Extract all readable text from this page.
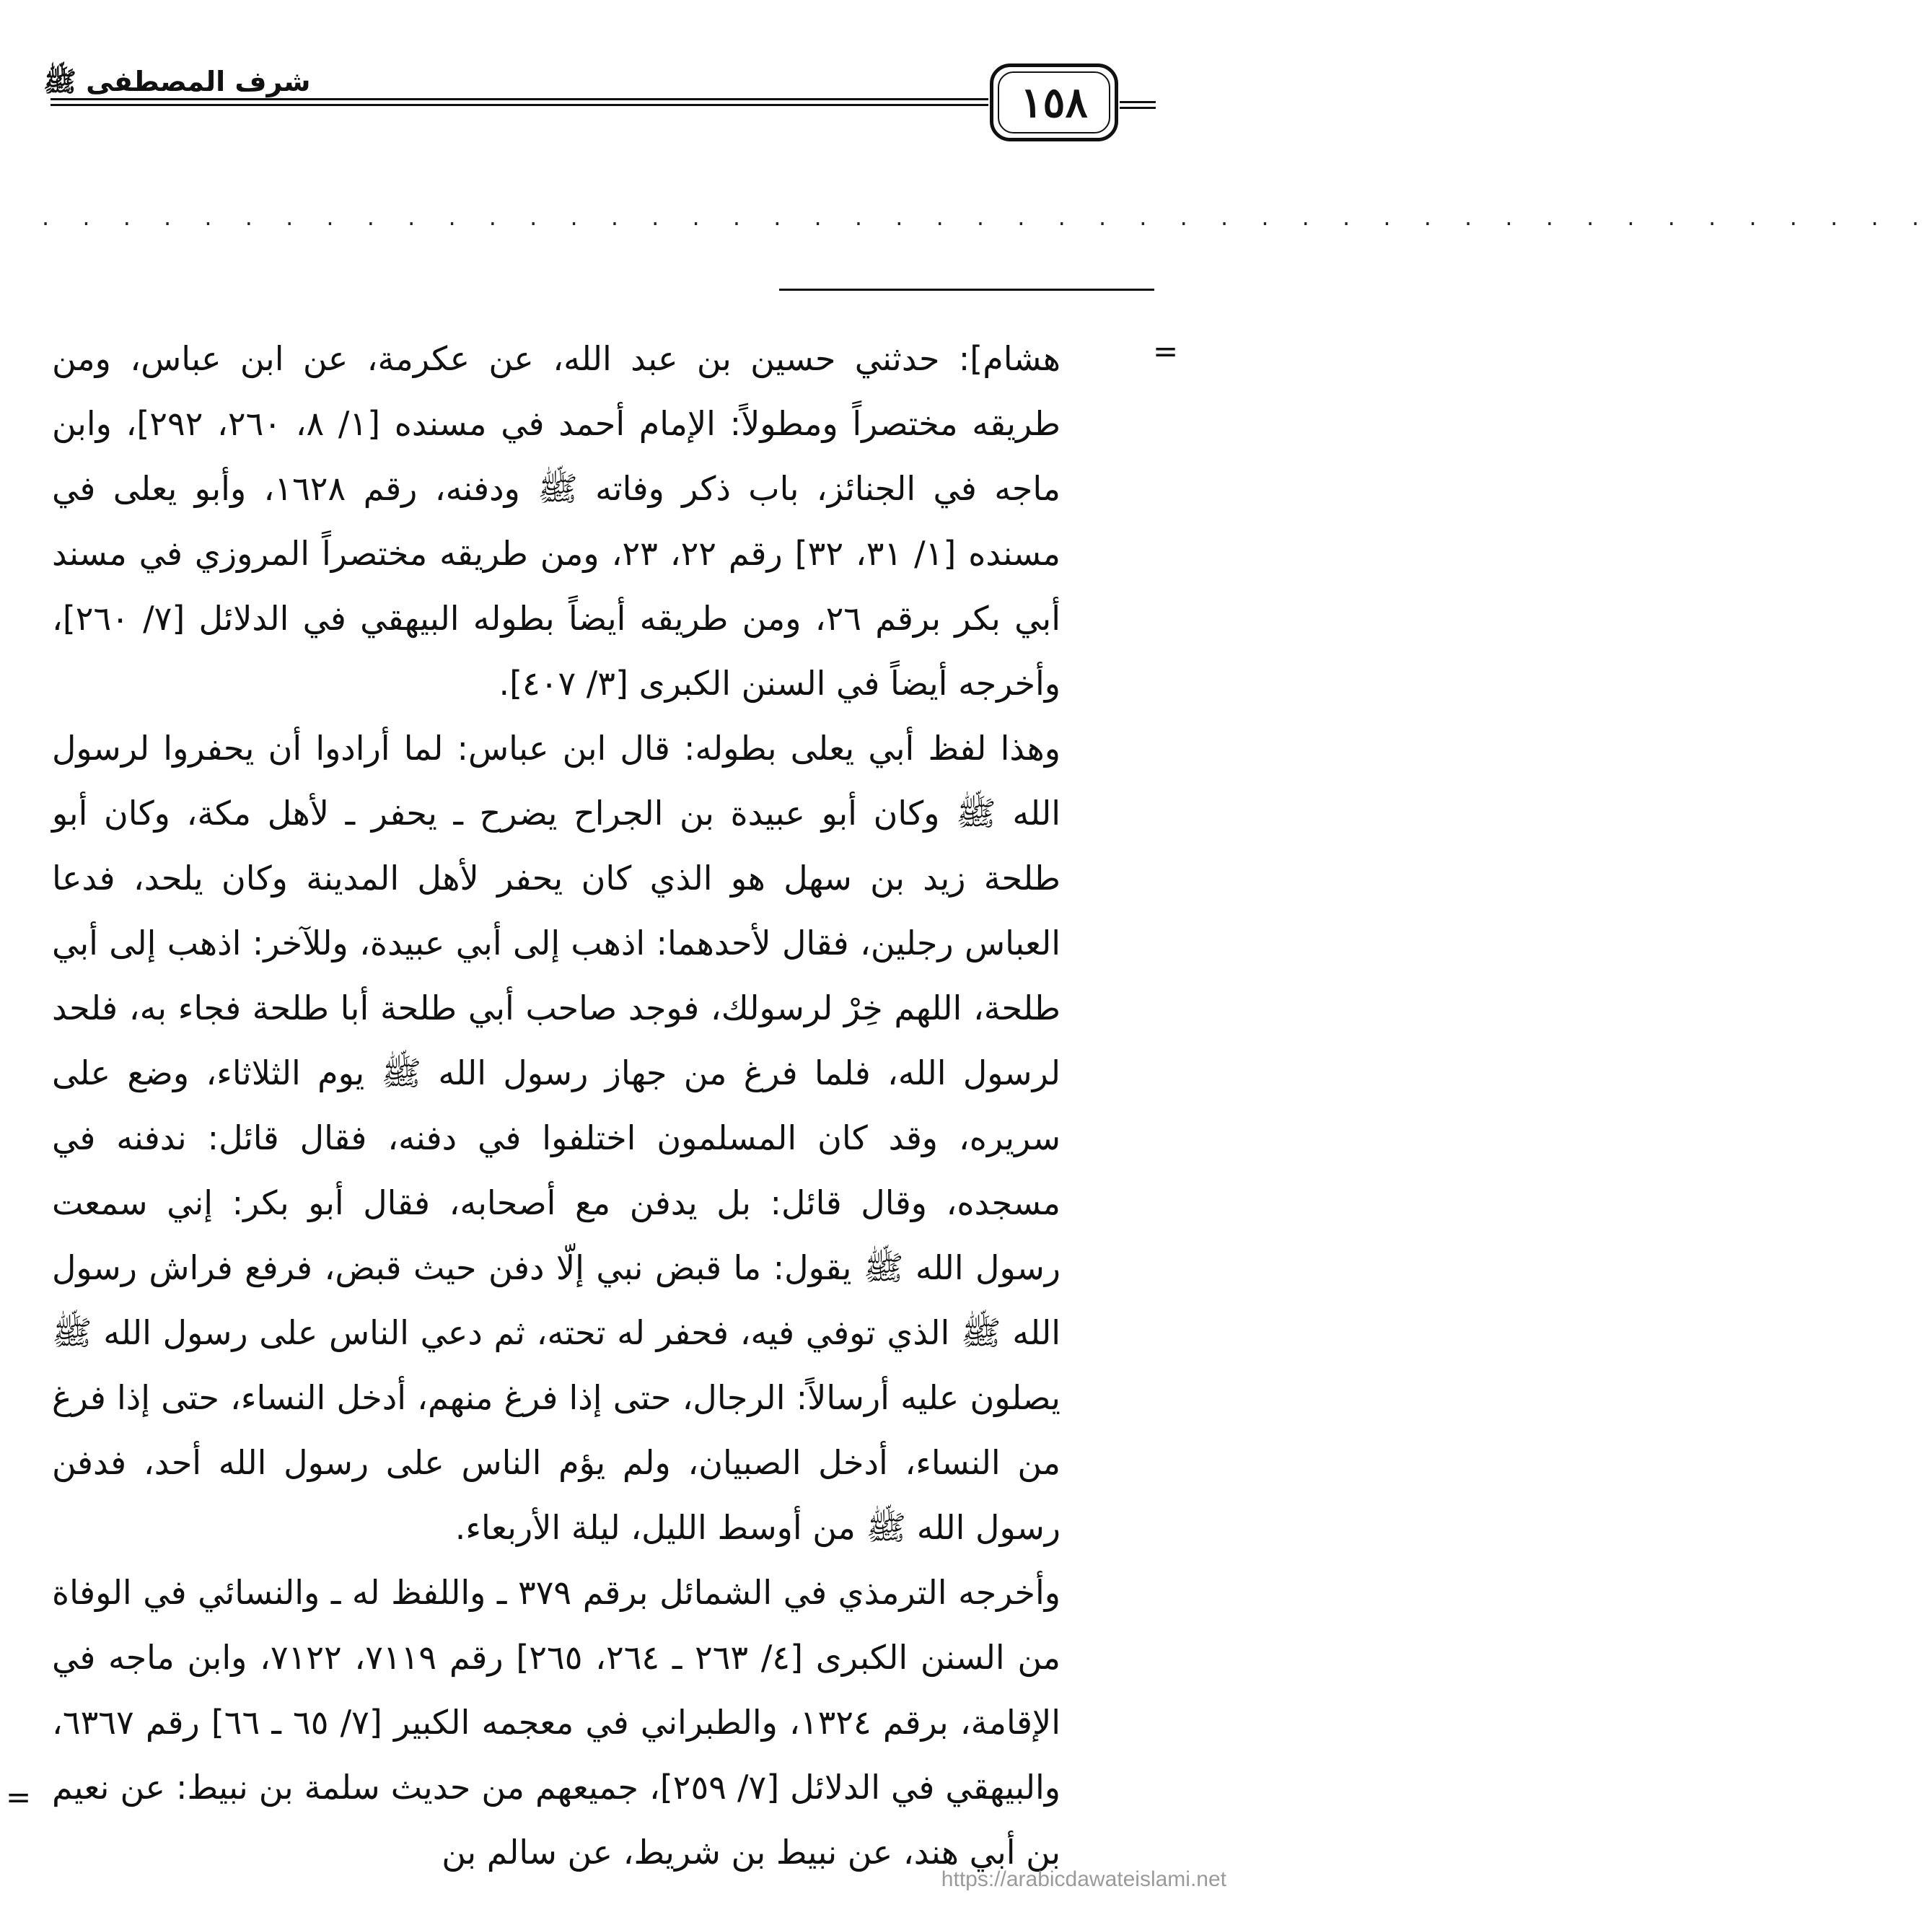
١٥٨
شرف المصطفى ﷺ
. . . . . . . . . . . . . . . . . . . . . . . . . . . . . . . . . . . . . . . . . . . . . . .
=

هشام]: حدثني حسين بن عبد الله، عن عكرمة، عن ابن عباس، ومن طريقه مختصراً ومطولاً: الإمام أحمد في مسنده [١/ ٨، ٢٦٠، ٢٩٢]، وابن ماجه في الجنائز، باب ذكر وفاته ﷺ ودفنه، رقم ١٦٢٨، وأبو يعلى في مسنده [١/ ٣١، ٣٢] رقم ٢٢، ٢٣، ومن طريقه مختصراً المروزي في مسند أبي بكر برقم ٢٦، ومن طريقه أيضاً بطوله البيهقي في الدلائل [٧/ ٢٦٠]، وأخرجه أيضاً في السنن الكبرى [٣/ ٤٠٧].

وهذا لفظ أبي يعلى بطوله: قال ابن عباس: لما أرادوا أن يحفروا لرسول الله ﷺ وكان أبو عبيدة بن الجراح يضرح ـ يحفر ـ لأهل مكة، وكان أبو طلحة زيد بن سهل هو الذي كان يحفر لأهل المدينة وكان يلحد، فدعا العباس رجلين، فقال لأحدهما: اذهب إلى أبي عبيدة، وللآخر: اذهب إلى أبي طلحة، اللهم خِرْ لرسولك، فوجد صاحب أبي طلحة أبا طلحة فجاء به، فلحد لرسول الله، فلما فرغ من جهاز رسول الله ﷺ يوم الثلاثاء، وضع على سريره، وقد كان المسلمون اختلفوا في دفنه، فقال قائل: ندفنه في مسجده، وقال قائل: بل يدفن مع أصحابه، فقال أبو بكر: إني سمعت رسول الله ﷺ يقول: ما قبض نبي إلّا دفن حيث قبض، فرفع فراش رسول الله ﷺ الذي توفي فيه، فحفر له تحته، ثم دعي الناس على رسول الله ﷺ يصلون عليه أرسالاً: الرجال، حتى إذا فرغ منهم، أدخل النساء، حتى إذا فرغ من النساء، أدخل الصبيان، ولم يؤم الناس على رسول الله أحد، فدفن رسول الله ﷺ من أوسط الليل، ليلة الأربعاء.

وأخرجه الترمذي في الشمائل برقم ٣٧٩ ـ واللفظ له ـ والنسائي في الوفاة من السنن الكبرى [٤/ ٢٦٣ ـ ٢٦٤، ٢٦٥] رقم ٧١١٩، ٧١٢٢، وابن ماجه في الإقامة، برقم ١٣٢٤، والطبراني في معجمه الكبير [٧/ ٦٥ ـ ٦٦] رقم ٦٣٦٧، والبيهقي في الدلائل [٧/ ٢٥٩]، جميعهم من حديث سلمة بن نبيط: عن نعيم بن أبي هند، عن نبيط بن شريط، عن سالم بن

=
https://arabicdawateislami.net
